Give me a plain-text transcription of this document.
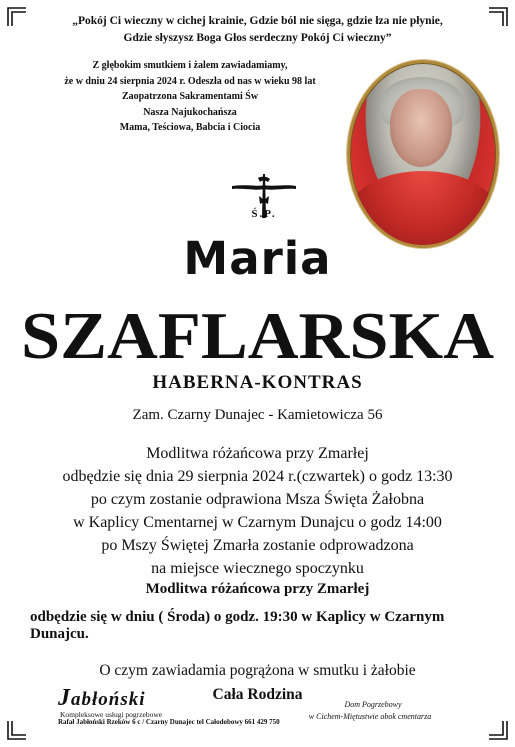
„Pokój Ci wieczny w cichej krainie, Gdzie ból nie sięga, gdzie łza nie płynie,
Gdzie słyszysz Boga Głos serdeczny Pokój Ci wieczny”
Z głębokim smutkiem i żalem zawiadamiamy,
że w dniu 24 sierpnia 2024 r. Odeszła od nas w wieku 98 lat
Zaopatrzona Sakramentami Św
Nasza Najukochańsza
Mama, Teściowa, Babcia i Ciocia
Ś.P.
Maria
SZAFLARSKA
HABERNA-KONTRAS
Zam. Czarny Dunajec - Kamietowicza 56
Modlitwa różańcowa przy Zmarłej
odbędzie się dnia 29 sierpnia 2024 r.(czwartek) o godz 13:30
po czym zostanie odprawiona Msza Święta Żałobna
w Kaplicy Cmentarnej w Czarnym Dunajcu o godz 14:00
po Mszy Świętej Zmarła zostanie odprowadzona
na miejsce wiecznego spoczynku
Modlitwa różańcowa przy Zmarłej
odbędzie się w dniu ( Środa) o godz. 19:30 w Kaplicy w Czarnym Dunajcu.
O czym zawiadamia pogrążona w smutku i żałobie
Cała Rodzina
Jabłoński
Kompleksowe usługi pogrzebowe
Rafał Jabłoński Rzeków 6 c / Czarny Dunajec tel Całodobowy 661 429 750
Dom Pogrzebowy
w Cichem-Miętustwie obok cmentarza
